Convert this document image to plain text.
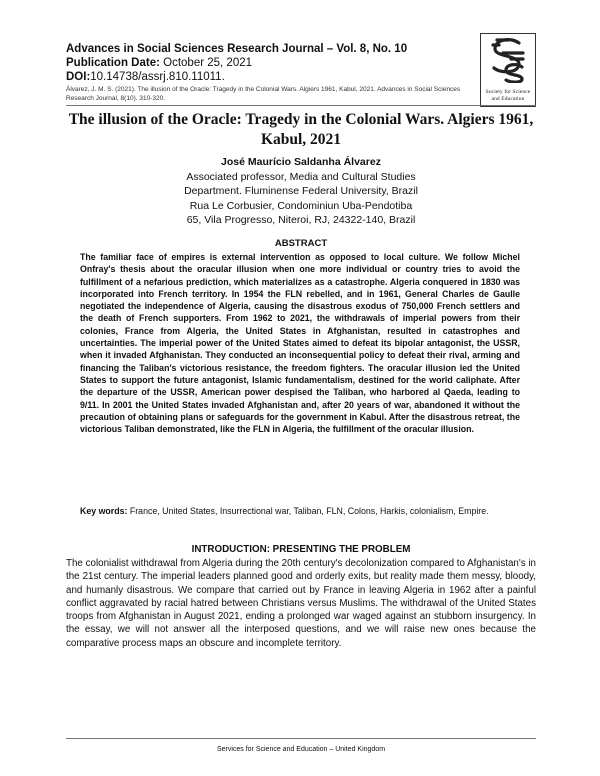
Advances in Social Sciences Research Journal – Vol. 8, No. 10
Publication Date: October 25, 2021
DOI:10.14738/assrj.810.11011.
Álvarez, J. M. S. (2021). The illusion of the Oracle: Tragedy in the Colonial Wars. Algiers 1961, Kabul, 2021. Advances in Social Sciences Research Journal, 8(10). 310-320.
Society for Science
and Education
The illusion of the Oracle: Tragedy in the Colonial Wars. Algiers 1961, Kabul, 2021
José Maurício Saldanha Álvarez
Associated professor, Media and Cultural Studies
Department. Fluminense Federal University, Brazil
Rua Le Corbusier, Condominiun Uba-Pendotiba
65, Vila Progresso, Niteroi, RJ, 24322-140, Brazil
ABSTRACT
The familiar face of empires is external intervention as opposed to local culture. We follow Michel Onfray's thesis about the oracular illusion when one more individual or country tries to avoid the fulfillment of a nefarious prediction, which materializes as a catastrophe. Algeria conquered in 1830 was incorporated into French territory. In 1954 the FLN rebelled, and in 1961, General Charles de Gaulle negotiated the independence of Algeria, causing the disastrous exodus of 750,000 French settlers and the death of French supporters. From 1962 to 2021, the withdrawals of imperial powers from their colonies, France from Algeria, the United States in Afghanistan, resulted in catastrophes and uncertainties. The imperial power of the United States aimed to defeat its bipolar antagonist, the USSR, when it invaded Afghanistan. They conducted an inconsequential policy to defeat their rival, arming and financing the Taliban's victorious resistance, the freedom fighters. The oracular illusion led the United States to support the future antagonist, Islamic fundamentalism, destined for the world caliphate. After the departure of the USSR, American power despised the Taliban, who harbored al Qaeda, leading to 9/11. In 2001 the United States invaded Afghanistan and, after 20 years of war, abandoned it without the precaution of obtaining plans or safeguards for the government in Kabul. After the disastrous retreat, the victorious Taliban demonstrated, like the FLN in Algeria, the fulfillment of the oracular illusion.
Key words: France, United States, Insurrectional war, Taliban, FLN, Colons, Harkis, colonialism, Empire.
INTRODUCTION: PRESENTING THE PROBLEM
The colonialist withdrawal from Algeria during the 20th century's decolonization compared to Afghanistan's in the 21st century. The imperial leaders planned good and orderly exits, but reality made them messy, bloody, and humanly disastrous. We compare that carried out by France in leaving Algeria in 1962 after a painful conflict aggravated by racial hatred between Christians versus Muslims. The withdrawal of the United States troops from Afghanistan in August 2021, ending a prolonged war waged against an stubborn insurgency. In the essay, we will not answer all the interposed questions, and we will raise new ones because the comparative process maps an obscure and incomplete territory.
Services for Science and Education – United Kingdom
